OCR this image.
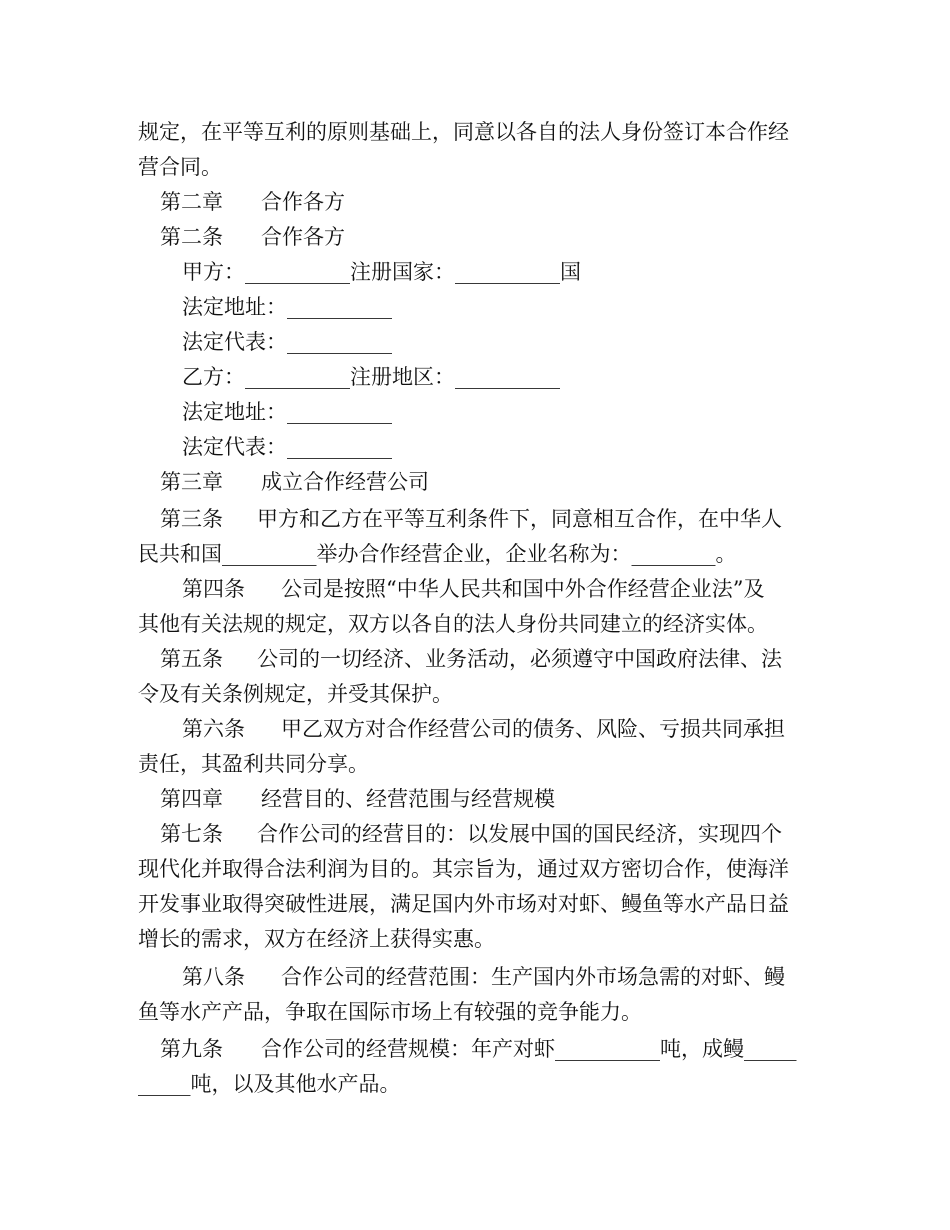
规定，在平等互利的原则基础上，同意以各自的法人身份签订本合作经
营合同。
第二章 合作各方
第二条 合作各方
甲方：__________注册国家：__________国
法定地址：__________
法定代表：__________
乙方：__________注册地区：__________
法定地址：__________
法定代表：__________
第三章 成立合作经营公司
第三条 甲方和乙方在平等互利条件下，同意相互合作，在中华人
民共和国_________举办合作经营企业，企业名称为：________。
第四条 公司是按照“中华人民共和国中外合作经营企业法”及
其他有关法规的规定，双方以各自的法人身份共同建立的经济实体。
第五条 公司的一切经济、业务活动，必须遵守中国政府法律、法
令及有关条例规定，并受其保护。
第六条 甲乙双方对合作经营公司的债务、风险、亏损共同承担
责任，其盈利共同分享。
第四章 经营目的、经营范围与经营规模
第七条 合作公司的经营目的：以发展中国的国民经济，实现四个
现代化并取得合法利润为目的。其宗旨为，通过双方密切合作，使海洋
开发事业取得突破性进展，满足国内外市场对对虾、鳗鱼等水产品日益
增长的需求，双方在经济上获得实惠。
第八条 合作公司的经营范围：生产国内外市场急需的对虾、鳗
鱼等水产产品，争取在国际市场上有较强的竞争能力。
第九条 合作公司的经营规模：年产对虾__________吨，成鳗_____
_____吨，以及其他水产品。
